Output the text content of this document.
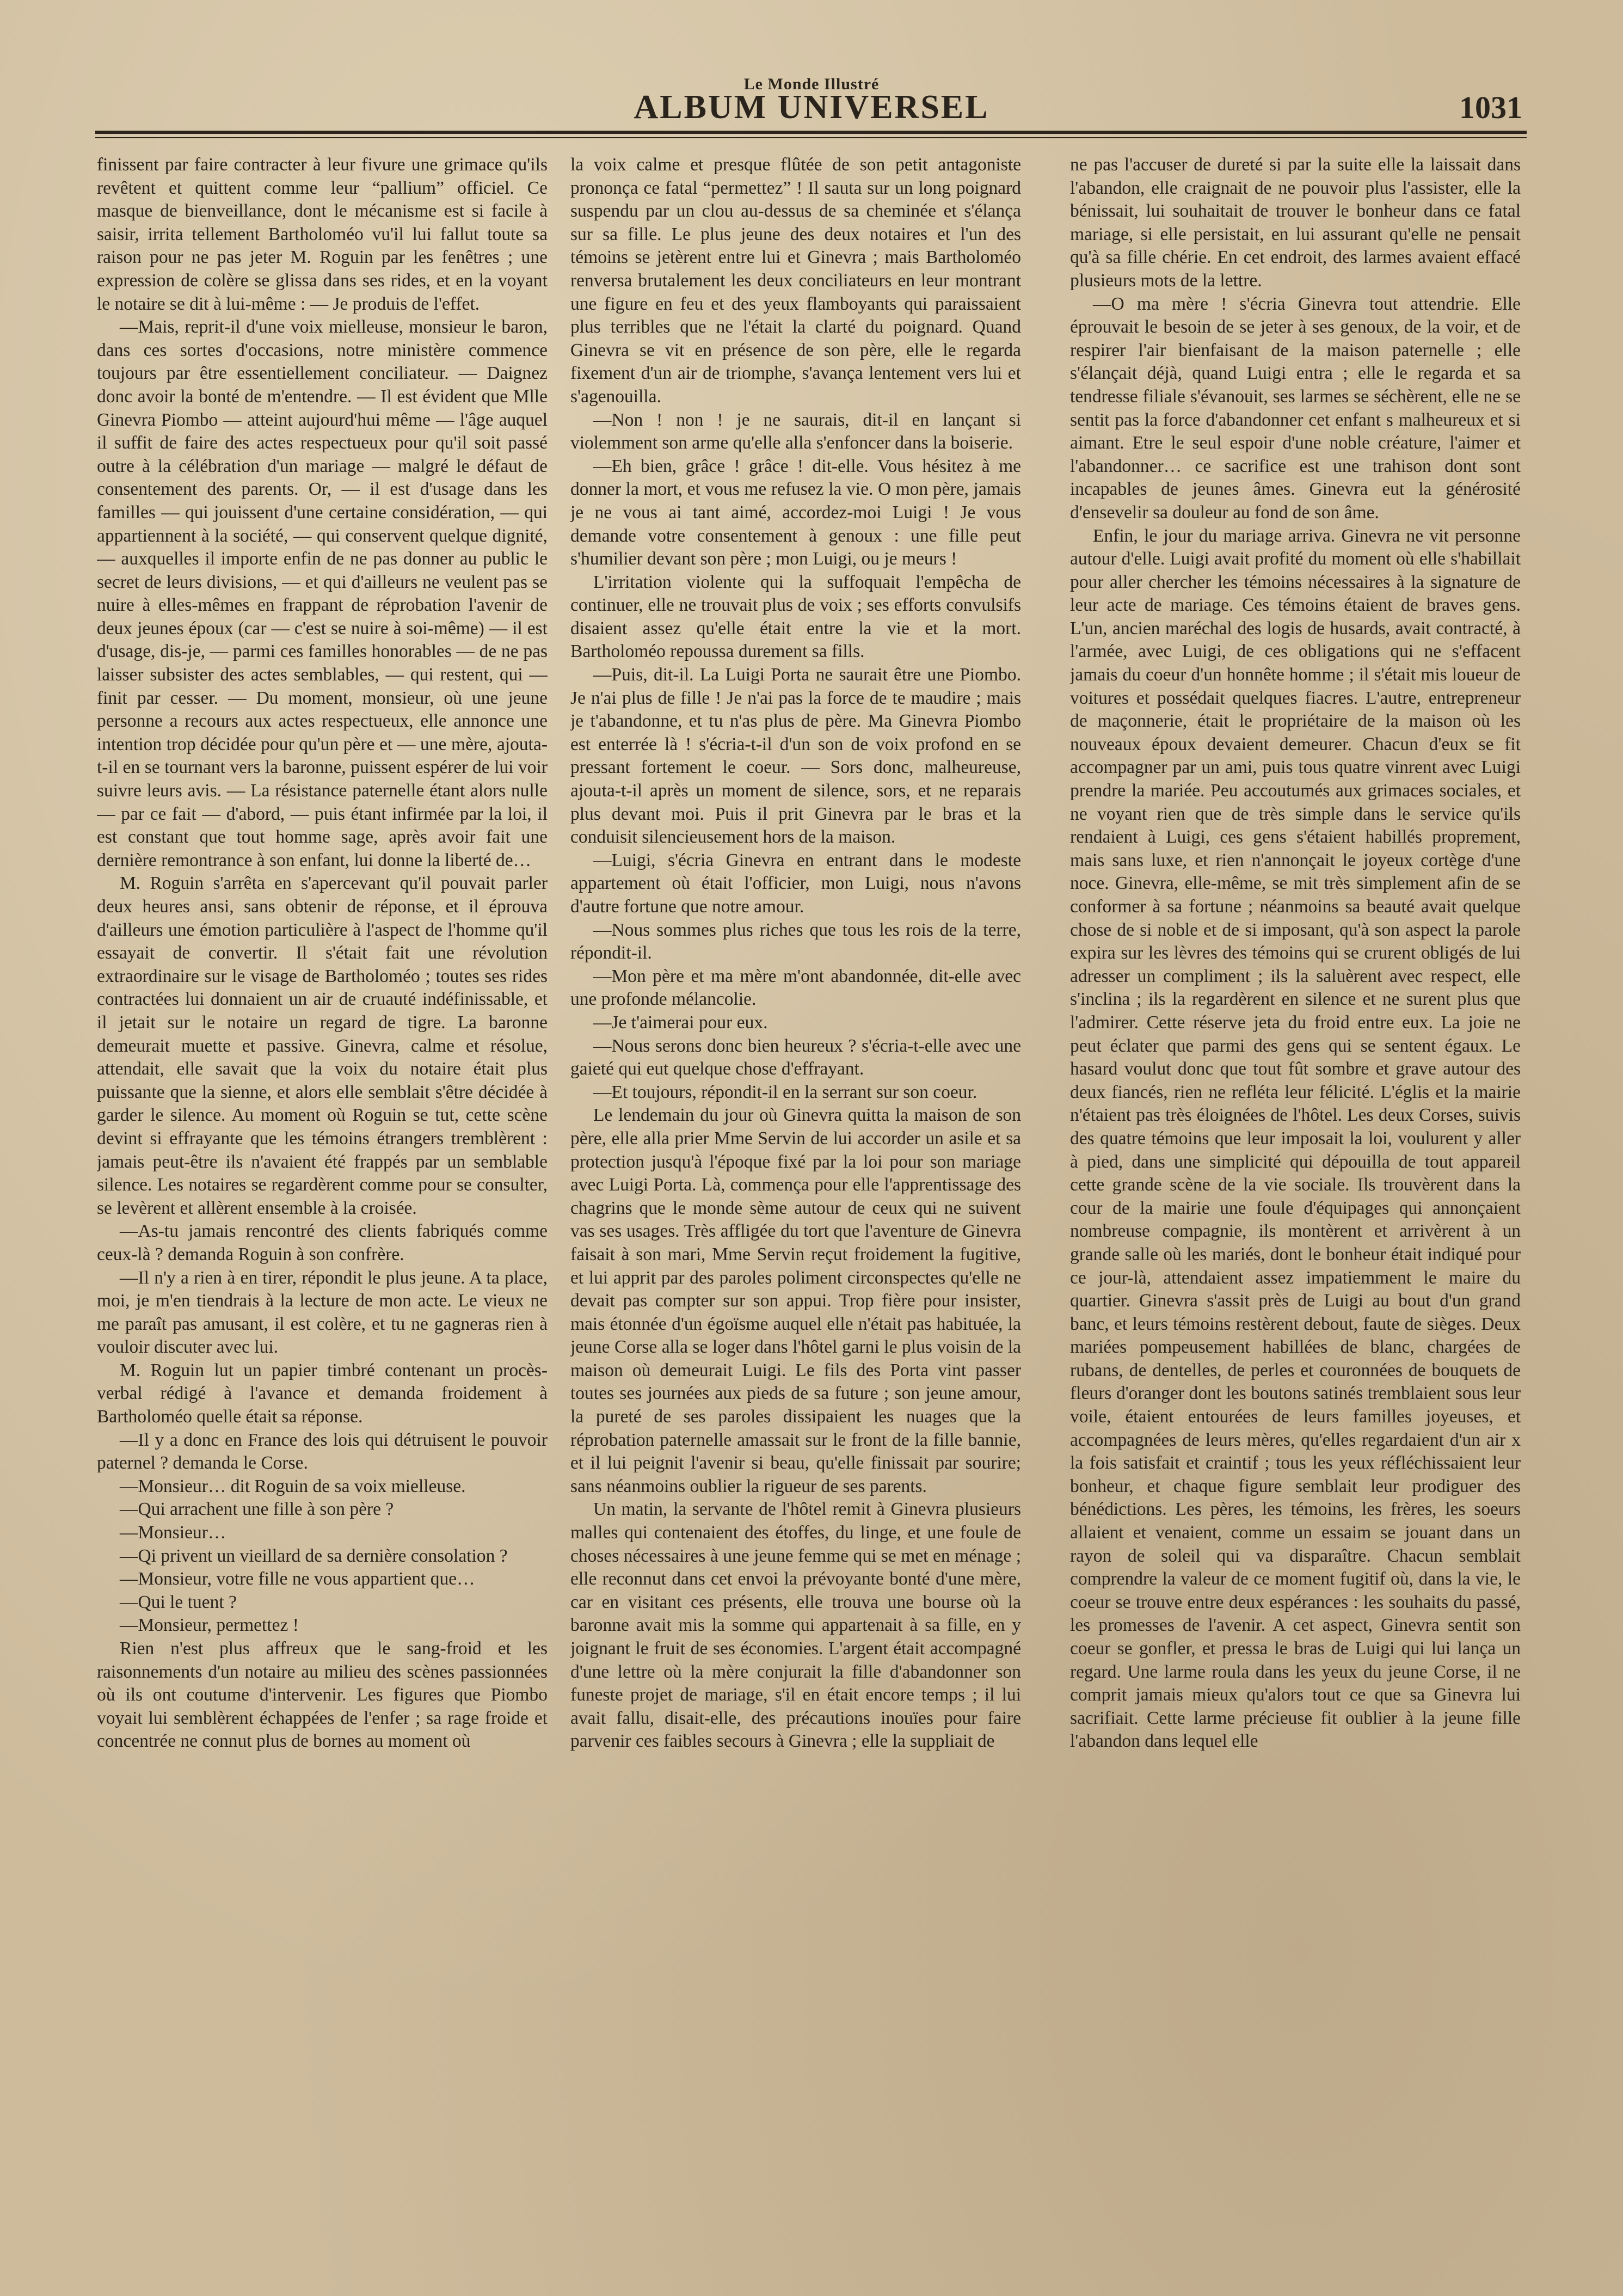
Le Monde Illustré
ALBUM UNIVERSEL	1031

finissent par faire contracter à leur fivure une grimace qu'ils revêtent et quittent comme leur “pallium” officiel. Ce masque de bienveillance, dont le mécanisme est si facile à saisir, irrita tellement Bartholoméo vu'il lui fallut toute sa raison pour ne pas jeter M. Roguin par les fenêtres ; une expression de colère se glissa dans ses rides, et en la voyant le notaire se dit à lui-même : — Je produis de l'effet.

—Mais, reprit-il d'une voix mielleuse, monsieur le baron, dans ces sortes d'occasions, notre ministère commence toujours par être essentiellement conciliateur. — Daignez donc avoir la bonté de m'entendre. — Il est évident que Mlle Ginevra Piombo — atteint aujourd'hui même — l'âge auquel il suffit de faire des actes respectueux pour qu'il soit passé outre à la célébration d'un mariage — malgré le défaut de consentement des parents. Or, — il est d'usage dans les familles — qui jouissent d'une certaine considération, — qui appartiennent à la société, — qui conservent quelque dignité, — auxquelles il importe enfin de ne pas donner au public le secret de leurs divisions, — et qui d'ailleurs ne veulent pas se nuire à elles-mêmes en frappant de réprobation l'avenir de deux jeunes époux (car — c'est se nuire à soi-même) — il est d'usage, dis-je, — parmi ces familles honorables — de ne pas laisser subsister des actes semblables, — qui restent, qui — finit par cesser. — Du moment, monsieur, où une jeune personne a recours aux actes respectueux, elle annonce une intention trop décidée pour qu'un père et — une mère, ajouta-t-il en se tournant vers la baronne, puissent espérer de lui voir suivre leurs avis. — La résistance paternelle étant alors nulle — par ce fait — d'abord, — puis étant infirmée par la loi, il est constant que tout homme sage, après avoir fait une dernière remontrance à son enfant, lui donne la liberté de…

M. Roguin s'arrêta en s'apercevant qu'il pouvait parler deux heures ansi, sans obtenir de réponse, et il éprouva d'ailleurs une émotion particulière à l'aspect de l'homme qu'il essayait de convertir. Il s'était fait une révolution extraordinaire sur le visage de Bartholoméo ; toutes ses rides contractées lui donnaient un air de cruauté indéfinissable, et il jetait sur le notaire un regard de tigre. La baronne demeurait muette et passive. Ginevra, calme et résolue, attendait, elle savait que la voix du notaire était plus puissante que la sienne, et alors elle semblait s'être décidée à garder le silence. Au moment où Roguin se tut, cette scène devint si effrayante que les témoins étrangers tremblèrent : jamais peut-être ils n'avaient été frappés par un semblable silence. Les notaires se regardèrent comme pour se consulter, se levèrent et allèrent ensemble à la croisée.

—As-tu jamais rencontré des clients fabriqués comme ceux-là ? demanda Roguin à son confrère.

—Il n'y a rien à en tirer, répondit le plus jeune. A ta place, moi, je m'en tiendrais à la lecture de mon acte. Le vieux ne me paraît pas amusant, il est colère, et tu ne gagneras rien à vouloir discuter avec lui.

M. Roguin lut un papier timbré contenant un procès-verbal rédigé à l'avance et demanda froidement à Bartholoméo quelle était sa réponse.

—Il y a donc en France des lois qui détruisent le pouvoir paternel ? demanda le Corse.

—Monsieur… dit Roguin de sa voix mielleuse.

—Qui arrachent une fille à son père ?

—Monsieur…

—Qi privent un vieillard de sa dernière consolation ?

—Monsieur, votre fille ne vous appartient que…

—Qui le tuent ?

—Monsieur, permettez !

Rien n'est plus affreux que le sang-froid et les raisonnements d'un notaire au milieu des scènes passionnées où ils ont coutume d'intervenir. Les figures que Piombo voyait lui semblèrent échappées de l'enfer ; sa rage froide et concentrée ne connut plus de bornes au moment où

la voix calme et presque flûtée de son petit antagoniste prononça ce fatal “permettez” ! Il sauta sur un long poignard suspendu par un clou au-dessus de sa cheminée et s'élança sur sa fille. Le plus jeune des deux notaires et l'un des témoins se jetèrent entre lui et Ginevra ; mais Bartholoméo renversa brutalement les deux conciliateurs en leur montrant une figure en feu et des yeux flamboyants qui paraissaient plus terribles que ne l'était la clarté du poignard. Quand Ginevra se vit en présence de son père, elle le regarda fixement d'un air de triomphe, s'avança lentement vers lui et s'agenouilla.

—Non ! non ! je ne saurais, dit-il en lançant si violemment son arme qu'elle alla s'enfoncer dans la boiserie.

—Eh bien, grâce ! grâce ! dit-elle. Vous hésitez à me donner la mort, et vous me refusez la vie. O mon père, jamais je ne vous ai tant aimé, accordez-moi Luigi ! Je vous demande votre consentement à genoux : une fille peut s'humilier devant son père ; mon Luigi, ou je meurs !

L'irritation violente qui la suffoquait l'empêcha de continuer, elle ne trouvait plus de voix ; ses efforts convulsifs disaient assez qu'elle était entre la vie et la mort. Bartholoméo repoussa durement sa fills.

—Puis, dit-il. La Luigi Porta ne saurait être une Piombo. Je n'ai plus de fille ! Je n'ai pas la force de te maudire ; mais je t'abandonne, et tu n'as plus de père. Ma Ginevra Piombo est enterrée là ! s'écria-t-il d'un son de voix profond en se pressant fortement le coeur. — Sors donc, malheureuse, ajouta-t-il après un moment de silence, sors, et ne reparais plus devant moi. Puis il prit Ginevra par le bras et la conduisit silencieusement hors de la maison.

—Luigi, s'écria Ginevra en entrant dans le modeste appartement où était l'officier, mon Luigi, nous n'avons d'autre fortune que notre amour.

—Nous sommes plus riches que tous les rois de la terre, répondit-il.

—Mon père et ma mère m'ont abandonnée, dit-elle avec une profonde mélancolie.

—Je t'aimerai pour eux.

—Nous serons donc bien heureux ? s'écria-t-elle avec une gaieté qui eut quelque chose d'effrayant.

—Et toujours, répondit-il en la serrant sur son coeur.

Le lendemain du jour où Ginevra quitta la maison de son père, elle alla prier Mme Servin de lui accorder un asile et sa protection jusqu'à l'époque fixé par la loi pour son mariage avec Luigi Porta. Là, commença pour elle l'apprentissage des chagrins que le monde sème autour de ceux qui ne suivent vas ses usages. Très affligée du tort que l'aventure de Ginevra faisait à son mari, Mme Servin reçut froidement la fugitive, et lui apprit par des paroles poliment circonspectes qu'elle ne devait pas compter sur son appui. Trop fière pour insister, mais étonnée d'un égoïsme auquel elle n'était pas habituée, la jeune Corse alla se loger dans l'hôtel garni le plus voisin de la maison où demeurait Luigi. Le fils des Porta vint passer toutes ses journées aux pieds de sa future ; son jeune amour, la pureté de ses paroles dissipaient les nuages que la réprobation paternelle amassait sur le front de la fille bannie, et il lui peignit l'avenir si beau, qu'elle finissait par sourire; sans néanmoins oublier la rigueur de ses parents.

Un matin, la servante de l'hôtel remit à Ginevra plusieurs malles qui contenaient des étoffes, du linge, et une foule de choses nécessaires à une jeune femme qui se met en ménage ; elle reconnut dans cet envoi la prévoyante bonté d'une mère, car en visitant ces présents, elle trouva une bourse où la baronne avait mis la somme qui appartenait à sa fille, en y joignant le fruit de ses économies. L'argent était accompagné d'une lettre où la mère conjurait la fille d'abandonner son funeste projet de mariage, s'il en était encore temps ; il lui avait fallu, disait-elle, des précautions inouïes pour faire parvenir ces faibles secours à Ginevra ; elle la suppliait de

ne pas l'accuser de dureté si par la suite elle la laissait dans l'abandon, elle craignait de ne pouvoir plus l'assister, elle la bénissait, lui souhaitait de trouver le bonheur dans ce fatal mariage, si elle persistait, en lui assurant qu'elle ne pensait qu'à sa fille chérie. En cet endroit, des larmes avaient effacé plusieurs mots de la lettre.

—O ma mère ! s'écria Ginevra tout attendrie. Elle éprouvait le besoin de se jeter à ses genoux, de la voir, et de respirer l'air bienfaisant de la maison paternelle ; elle s'élançait déjà, quand Luigi entra ; elle le regarda et sa tendresse filiale s'évanouit, ses larmes se séchèrent, elle ne se sentit pas la force d'abandonner cet enfant s malheureux et si aimant. Etre le seul espoir d'une noble créature, l'aimer et l'abandonner… ce sacrifice est une trahison dont sont incapables de jeunes âmes. Ginevra eut la générosité d'ensevelir sa douleur au fond de son âme.

Enfin, le jour du mariage arriva. Ginevra ne vit personne autour d'elle. Luigi avait profité du moment où elle s'habillait pour aller chercher les témoins nécessaires à la signature de leur acte de mariage. Ces témoins étaient de braves gens. L'un, ancien maréchal des logis de husards, avait contracté, à l'armée, avec Luigi, de ces obligations qui ne s'effacent jamais du coeur d'un honnête homme ; il s'était mis loueur de voitures et possédait quelques fiacres. L'autre, entrepreneur de maçonnerie, était le propriétaire de la maison où les nouveaux époux devaient demeurer. Chacun d'eux se fit accompagner par un ami, puis tous quatre vinrent avec Luigi prendre la mariée. Peu accoutumés aux grimaces sociales, et ne voyant rien que de très simple dans le service qu'ils rendaient à Luigi, ces gens s'étaient habillés proprement, mais sans luxe, et rien n'annonçait le joyeux cortège d'une noce. Ginevra, elle-même, se mit très simplement afin de se conformer à sa fortune ; néanmoins sa beauté avait quelque chose de si noble et de si imposant, qu'à son aspect la parole expira sur les lèvres des témoins qui se crurent obligés de lui adresser un compliment ; ils la saluèrent avec respect, elle s'inclina ; ils la regardèrent en silence et ne surent plus que l'admirer. Cette réserve jeta du froid entre eux. La joie ne peut éclater que parmi des gens qui se sentent égaux. Le hasard voulut donc que tout fût sombre et grave autour des deux fiancés, rien ne refléta leur félicité. L'églis et la mairie n'étaient pas très éloignées de l'hôtel. Les deux Corses, suivis des quatre témoins que leur imposait la loi, voulurent y aller à pied, dans une simplicité qui dépouilla de tout appareil cette grande scène de la vie sociale. Ils trouvèrent dans la cour de la mairie une foule d'équipages qui annonçaient nombreuse compagnie, ils montèrent et arrivèrent à un grande salle où les mariés, dont le bonheur était indiqué pour ce jour-là, attendaient assez impatiemment le maire du quartier. Ginevra s'assit près de Luigi au bout d'un grand banc, et leurs témoins restèrent debout, faute de sièges. Deux mariées pompeusement habillées de blanc, chargées de rubans, de dentelles, de perles et couronnées de bouquets de fleurs d'oranger dont les boutons satinés tremblaient sous leur voile, étaient entourées de leurs familles joyeuses, et accompagnées de leurs mères, qu'elles regardaient d'un air x la fois satisfait et craintif ; tous les yeux réfléchissaient leur bonheur, et chaque figure semblait leur prodiguer des bénédictions. Les pères, les témoins, les frères, les soeurs allaient et venaient, comme un essaim se jouant dans un rayon de soleil qui va disparaître. Chacun semblait comprendre la valeur de ce moment fugitif où, dans la vie, le coeur se trouve entre deux espérances : les souhaits du passé, les promesses de l'avenir. A cet aspect, Ginevra sentit son coeur se gonfler, et pressa le bras de Luigi qui lui lança un regard. Une larme roula dans les yeux du jeune Corse, il ne comprit jamais mieux qu'alors tout ce que sa Ginevra lui sacrifiait. Cette larme précieuse fit oublier à la jeune fille l'abandon dans lequel elle
